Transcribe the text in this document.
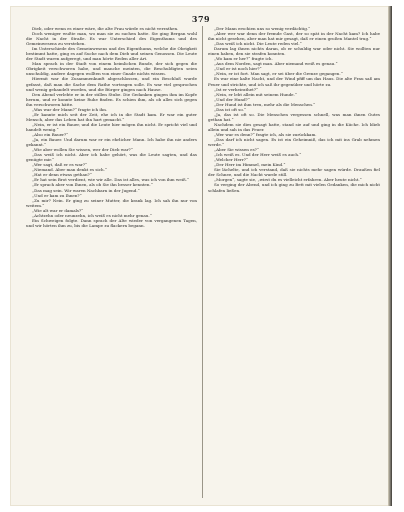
379

Dieb, oder wenn es einer wäre, die alte Frau würde es nicht verrathen.

Doch weniger wußte man, wo man sie zu suchen hatte. Sie ging Bergan wohl die Nacht in der Straße. Es war Unterschied des Eigenthums und des Gemeinwesens zu verstehen.

Im Unterschiede des Gemeinwesens und des Eigenthums, welche die Obrigkeit bestimmt hatte, ging es auf Suche nach dem Dieb und seinen Genossen. Die Leute der Stadt waren aufgeregt, und man hörte Reden aller Art.

Man sprach in der Stadt von einem heimlichen Bunde, der sich gegen die Obrigkeit verschworen habe, und manche meinten, die Beschuldigten seien unschuldig, andere dagegen wollten von einer Gnade nichts wissen.

Hiermit war die Zusammenkunft abgeschlossen, und ein Beschluß wurde gefasst, daß man die Sache dem Rathe vortragen solle. Es war viel gesprochen und wenig gehandelt worden, und die Bürger gingen nach Hause.

Den Abend verlebte er in der stillen Stube. Die Gedanken gingen ihm im Kopfe herum, und er konnte keine Ruhe finden. Es schien ihm, als ob alles sich gegen ihn verschworen hätte.

„Was war der Mann?“ fragte ich ihn.

„Er kannte mich seit der Zeit, ehe ich in die Stadt kam. Er war ein guter Mensch, aber das Leben hat ihn hart gemacht.“

„Nein, er ist ein Bauer, und die Leute hier mögen ihn nicht. Er spricht viel und handelt wenig.“

„Also ein Bauer?“

„Ja, ein Bauer. Und darum war er ein ehrlicher Mann. Ich habe ihn nie anders gekannt.“

„Wie aber wollen Sie wissen, wer der Dieb war?“

„Das weiß ich nicht. Aber ich habe gehört, was die Leute sagten, und das genügte mir.“

„Wer sagt, daß er es war?“

„Niemand. Aber man denkt es sich.“

„Hat er denn etwas gethan?“

„Er hat sein Brot verdient, wie wir alle. Das ist alles, was ich von ihm weiß.“

„Er sprach aber von Ihnen, als ob Sie ihn besser kennten.“

„Das mag sein. Wir waren Nachbarn in der Jugend.“

„Und er kam zu Ihnen?“

„Zu mir? Nein. Er ging zu seiner Mutter, die krank lag. Ich sah ihn nur von weitem.“

„Wie alt war er damals?“

„Achtzehn oder neunzehn, ich weiß es nicht mehr genau.“

Ein Schweigen folgte. Dann sprach der Alte wieder von vergangenen Tagen, und wir hörten ihm zu, bis die Lampe zu flackern begann.

„Der Mann erschien uns so wenig verdächtig.“

„Aber wer war denn der fremde Gast, der so spät in der Nacht kam? Ich habe ihn nicht gesehen, aber man hat mir gesagt, daß er einen großen Mantel trug.“

„Das weiß ich nicht. Die Leute reden viel.“

Darum lag ihnen nichts daran, ob er schuldig war oder nicht. Sie wollten nur einen haben, den sie strafen konnten.

„Wo kam er her?“ fragte ich.

„Aus dem Norden, sagt man. Aber niemand weiß es genau.“

„Und er ist noch hier?“

„Nein, er ist fort. Man sagt, er sei über die Grenze gegangen.“

Es war eine kalte Nacht, und der Wind pfiff um das Haus. Die alte Frau saß am Feuer und strickte, und ich saß ihr gegenüber und hörte zu.

„Ist er verheirathet?“

„Nein, er lebt allein mit seinem Hunde.“

„Und der Hund?“

„Der Hund ist ihm treu, mehr als die Menschen.“

„Das ist oft so.“

„Ja, das ist oft so. Die Menschen vergessen schnell, was man ihnen Gutes gethan hat.“

Nachdem sie dies gesagt hatte, stand sie auf und ging in die Küche. Ich blieb allein und sah in das Feuer.

„Wer war es denn?“ fragte ich, als sie zurückkam.

„Das darf ich nicht sagen. Es ist ein Geheimniß, das ich mit ins Grab nehmen werde.“

„Aber Sie wissen es?“

„Ich weiß es. Und der Herr weiß es auch.“

„Welcher Herr?“

„Der Herr im Himmel, mein Kind.“

Sie lächelte, und ich verstand, daß sie nichts mehr sagen würde. Draußen fiel der Schnee, und die Nacht wurde still.

„Morgen“, sagte sie, „wirst du es vielleicht erfahren. Aber heute nicht.“

So verging der Abend, und ich ging zu Bett mit vielen Gedanken, die mich nicht schlafen ließen.
